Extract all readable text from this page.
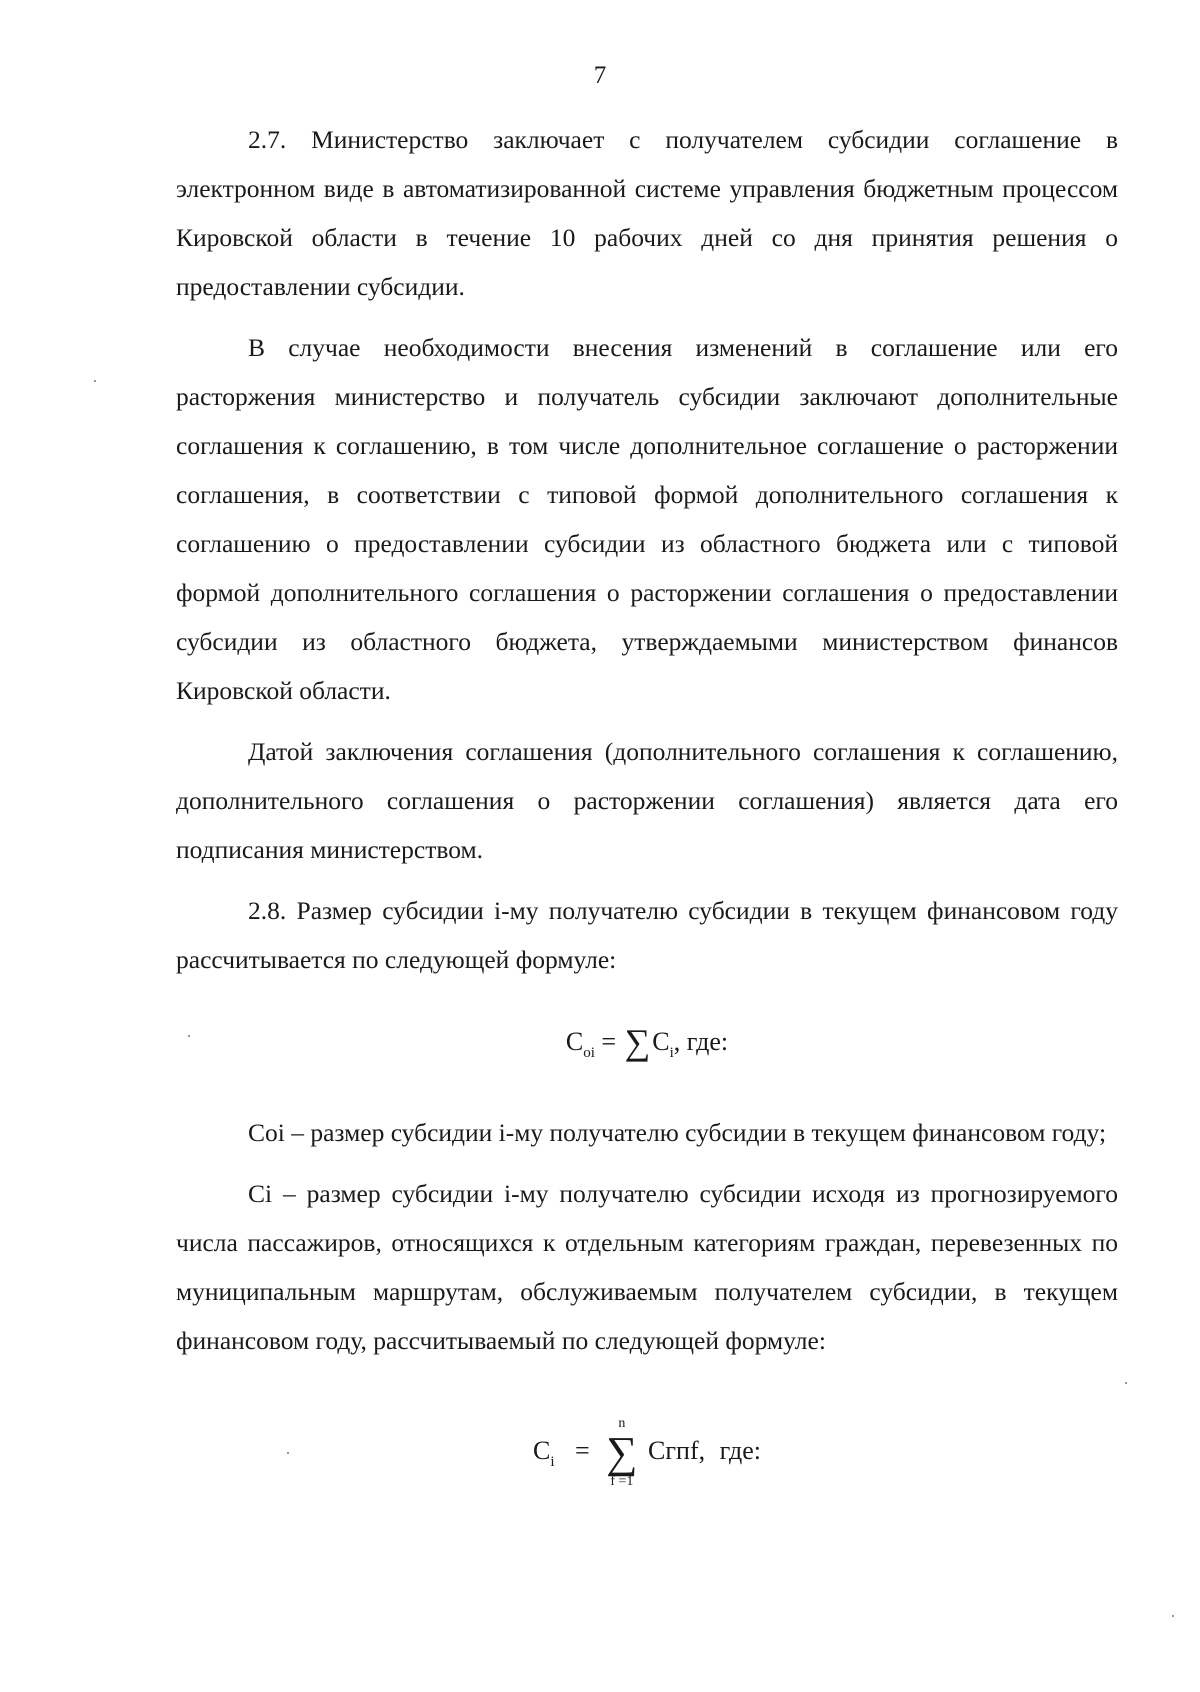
7

2.7. Министерство заключает с получателем субсидии соглашение в электронном виде в автоматизированной системе управления бюджетным процессом Кировской области в течение 10 рабочих дней со дня принятия решения о предоставлении субсидии.

В случае необходимости внесения изменений в соглашение или его расторжения министерство и получатель субсидии заключают дополнительные соглашения к соглашению, в том числе дополнительное соглашение о расторжении соглашения, в соответствии с типовой формой дополнительного соглашения к соглашению о предоставлении субсидии из областного бюджета или с типовой формой дополнительного соглашения о расторжении соглашения о предоставлении субсидии из областного бюджета, утверждаемыми министерством финансов Кировской области.

Датой заключения соглашения (дополнительного соглашения к соглашению, дополнительного соглашения о расторжении соглашения) является дата его подписания министерством.

2.8. Размер субсидии i-му получателю субсидии в текущем финансовом году рассчитывается по следующей формуле:

$C_{oi} = \sum C_i$, где:

Coi – размер субсидии i-му получателю субсидии в текущем финансовом году;

Ci – размер субсидии i-му получателю субсидии исходя из прогнозируемого числа пассажиров, относящихся к отдельным категориям граждан, перевезенных по муниципальным маршрутам, обслуживаемым получателем субсидии, в текущем финансовом году, рассчитываемый по следующей формуле:

$C_i$ =
n
∑
f =1
Cгпf, где:
